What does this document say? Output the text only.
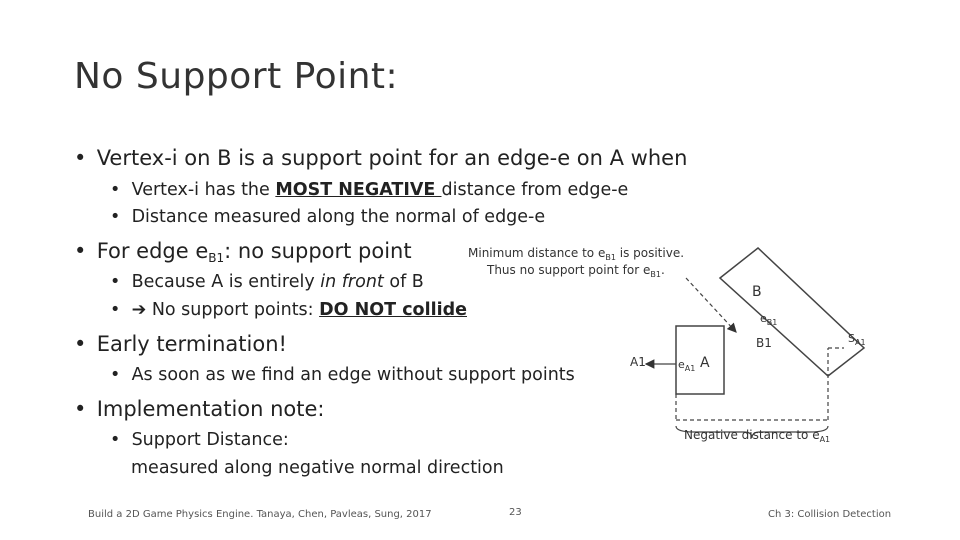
No Support Point:
• Vertex-i on B is a support point for an edge-e on A when
• Vertex-i has the MOST NEGATIVE distance from edge-e
• Distance measured along the normal of edge-e
• For edge $e_{B1}$: no support point
• Because A is entirely in front of B
• ➔ No support points: DO NOT collide
• Early termination!
• As soon as we find an edge without support points
• Implementation note:
• Support Distance:
measured along negative normal direction
B
$e_{B1}$
B1	$S_{A1}$
A1	$e_{A1}$ A
Negative distance to $e_{A1}$
Minimum distance to $e_{B1}$ is positive.
Thus no support point for $e_{B1}$.
Build a 2D Game Physics Engine. Tanaya, Chen, Pavleas, Sung, 2017	23	Ch 3: Collision Detection
